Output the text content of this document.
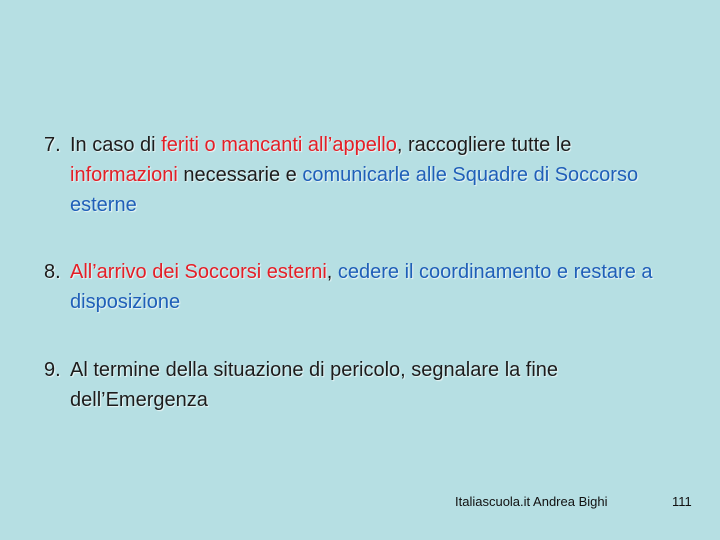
7. In caso di feriti o mancanti all’appello, raccogliere tutte le informazioni necessarie e comunicarle alle Squadre di Soccorso esterne
8. All’arrivo dei Soccorsi esterni, cedere il coordinamento e restare a disposizione
9. Al termine della situazione di pericolo, segnalare la fine dell’Emergenza
Italiascuola.it Andrea Bighi	111
